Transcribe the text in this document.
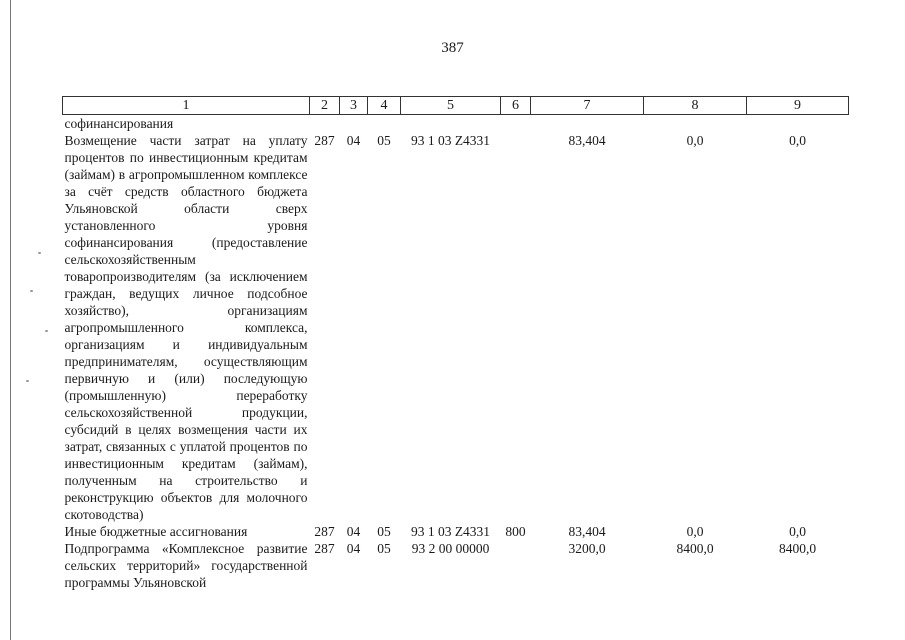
387
1	2	3	4	5	6	7	8	9
софинансирования								
Возмещение части затрат на уплату процентов по инвестиционным кредитам (займам) в агропромышленном комплексе за счёт средств областного бюджета Ульяновской области сверх установленного уровня софинансирования (предоставление сельскохозяйственным товаропроизводителям (за исключением граждан, ведущих личное подсобное хозяйство), организациям агропромышленного комплекса, организациям и индивидуальным предпринимателям, осуществляющим первичную и (или) последующую (промышленную) переработку сельскохозяйственной продукции, субсидий в целях возмещения части их затрат, связанных с уплатой процентов по инвестиционным кредитам (займам), полученным на строительство и реконструкцию объектов для молочного скотоводства)	287	04	05	93 1 03 Z4331		83,404	0,0	0,0
Иные бюджетные ассигнования	287	04	05	93 1 03 Z4331	800	83,404	0,0	0,0
Подпрограмма «Комплексное развитие сельских территорий» государственной программы Ульяновской	287	04	05	93 2 00 00000		3200,0	8400,0	8400,0
